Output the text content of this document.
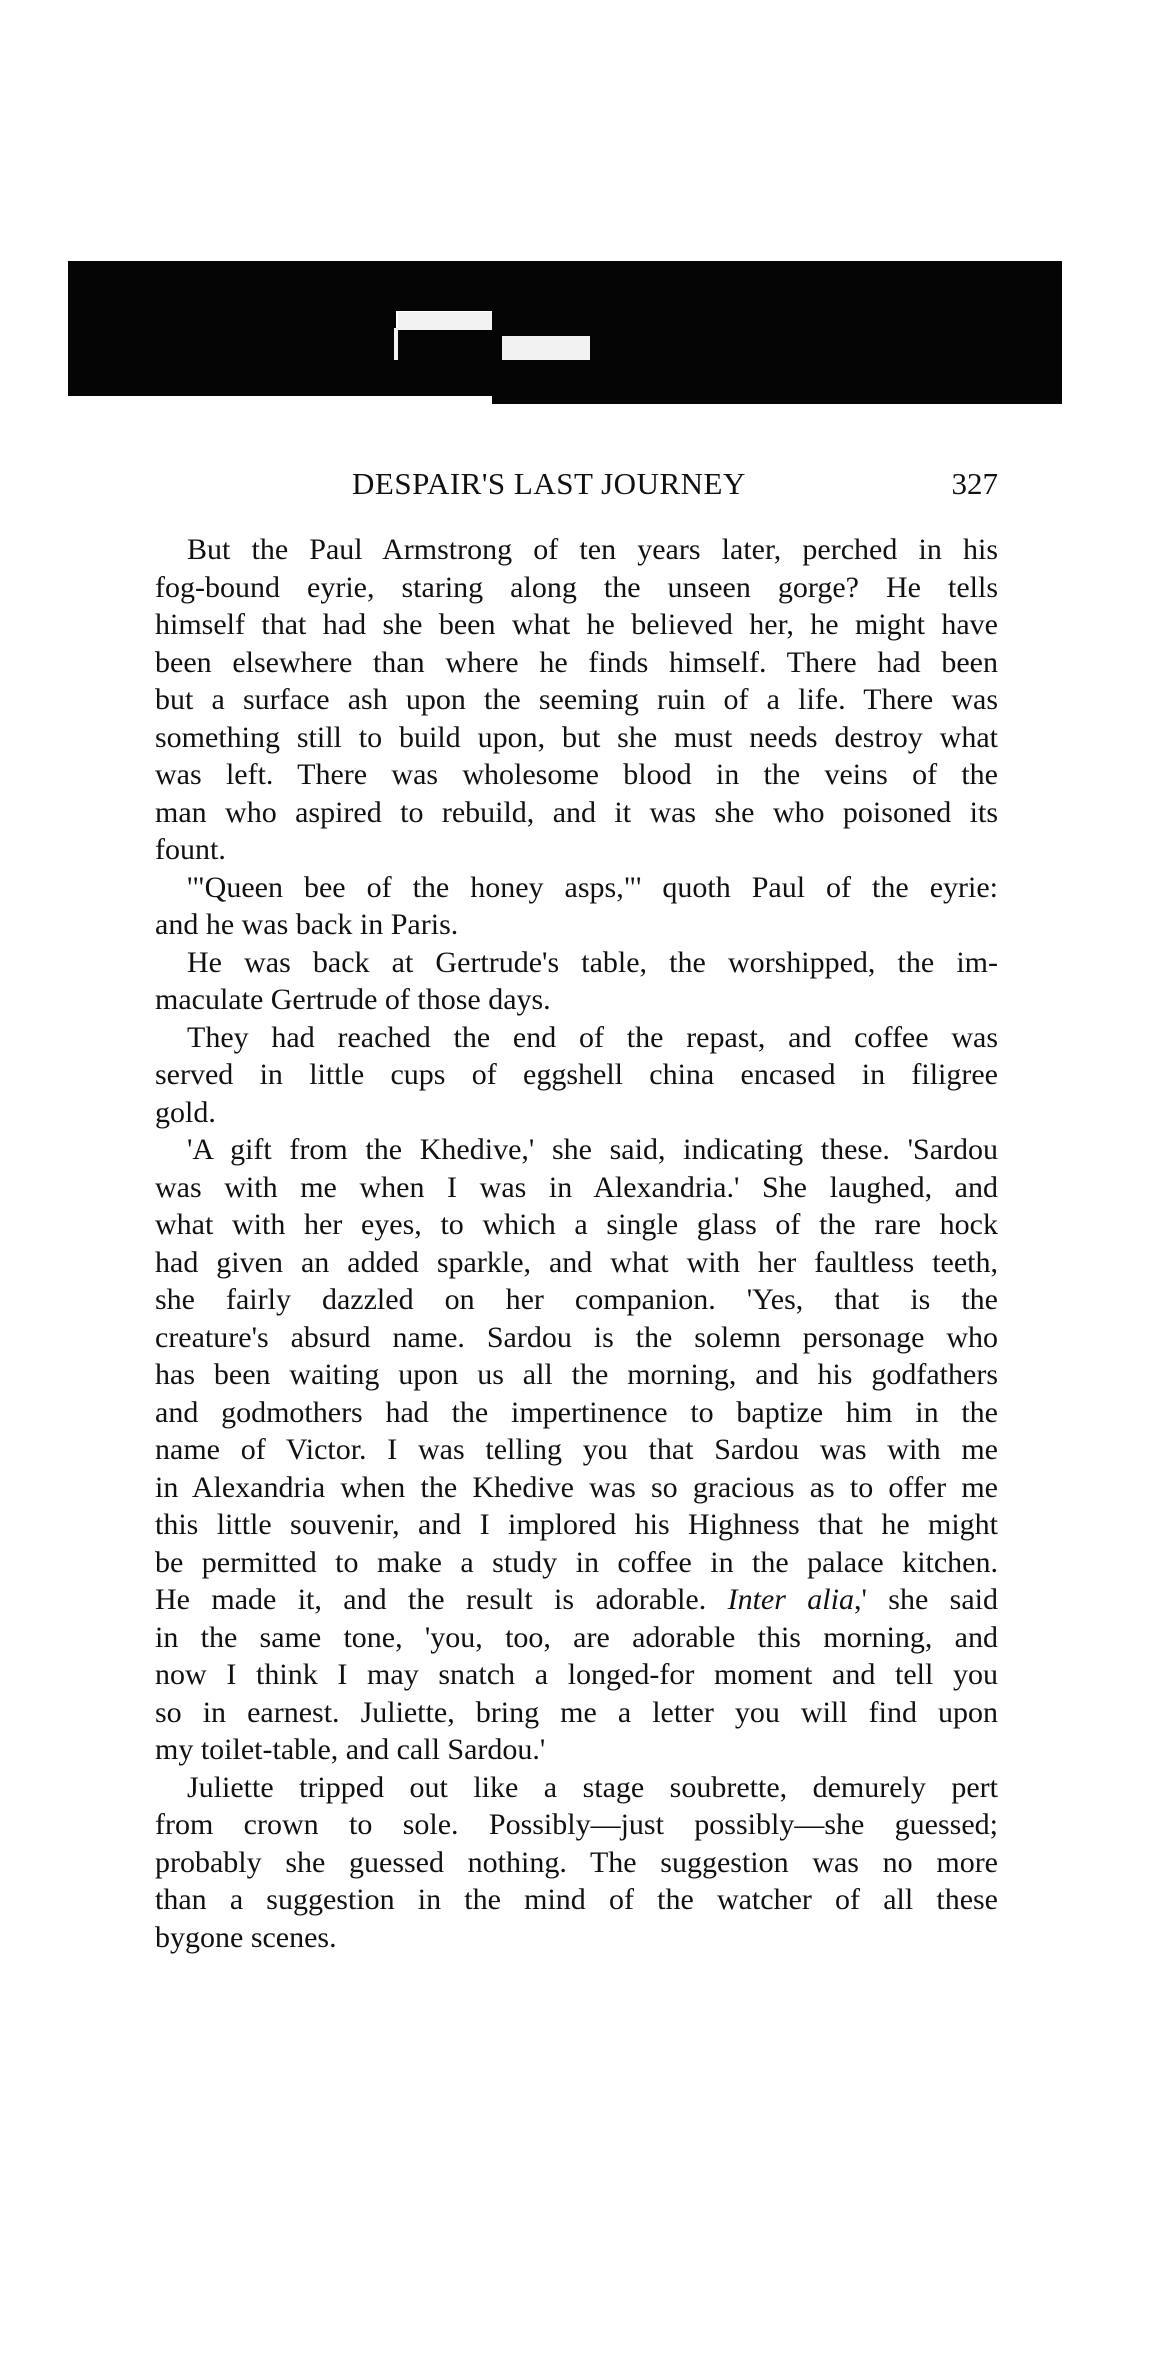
DESPAIR'S LAST JOURNEY	327

But the Paul Armstrong of ten years later, perched in his
fog-bound eyrie, staring along the unseen gorge? He tells
himself that had she been what he believed her, he might have
been elsewhere than where he finds himself. There had been
but a surface ash upon the seeming ruin of a life. There was
something still to build upon, but she must needs destroy what
was left. There was wholesome blood in the veins of the
man who aspired to rebuild, and it was she who poisoned its
fount.

'"Queen bee of the honey asps,"' quoth Paul of the eyrie:
and he was back in Paris.

He was back at Gertrude's table, the worshipped, the im-
maculate Gertrude of those days.

They had reached the end of the repast, and coffee was
served in little cups of eggshell china encased in filigree
gold.

'A gift from the Khedive,' she said, indicating these. 'Sardou
was with me when I was in Alexandria.' She laughed, and
what with her eyes, to which a single glass of the rare hock
had given an added sparkle, and what with her faultless teeth,
she fairly dazzled on her companion. 'Yes, that is the
creature's absurd name. Sardou is the solemn personage who
has been waiting upon us all the morning, and his godfathers
and godmothers had the impertinence to baptize him in the
name of Victor. I was telling you that Sardou was with me
in Alexandria when the Khedive was so gracious as to offer me
this little souvenir, and I implored his Highness that he might
be permitted to make a study in coffee in the palace kitchen.
He made it, and the result is adorable. Inter alia,' she said
in the same tone, 'you, too, are adorable this morning, and
now I think I may snatch a longed-for moment and tell you
so in earnest. Juliette, bring me a letter you will find upon
my toilet-table, and call Sardou.'

Juliette tripped out like a stage soubrette, demurely pert
from crown to sole. Possibly—just possibly—she guessed;
probably she guessed nothing. The suggestion was no more
than a suggestion in the mind of the watcher of all these
bygone scenes.
